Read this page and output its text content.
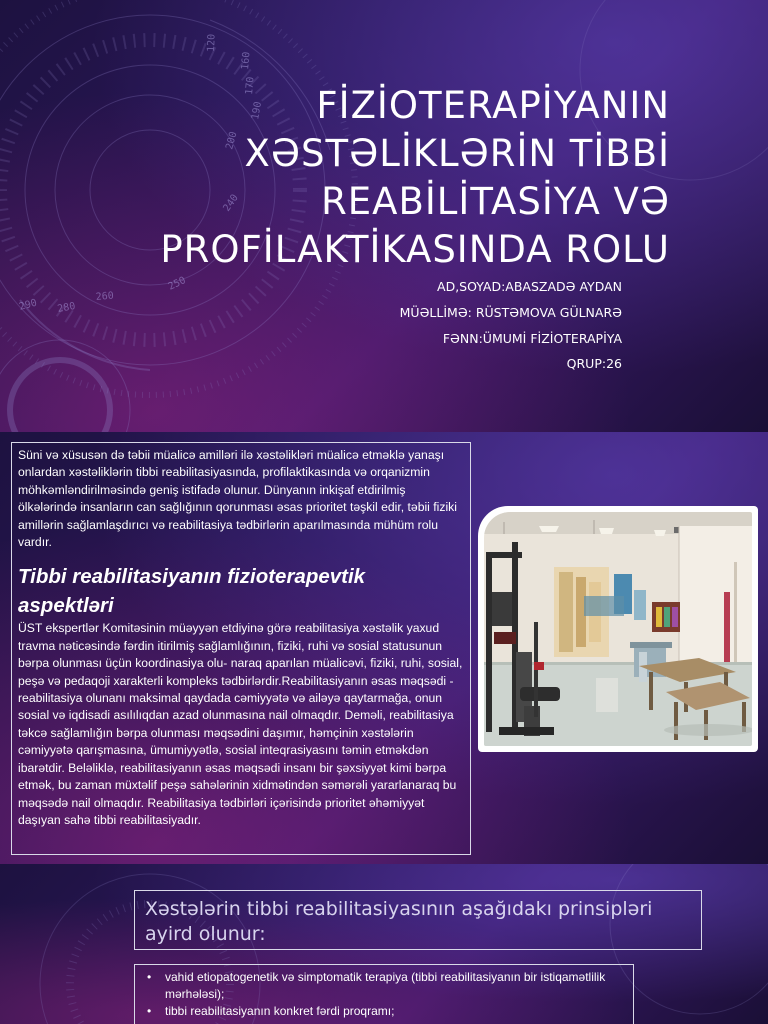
290 280
260
250
240
200
190
170
160
120
FİZİOTERAPİYANIN
XƏSTƏLİKLƏRİN TİBBİ
REABİLİTASİYA VƏ
PROFİLAKTİKASINDA ROLU
AD,SOYAD:ABASZADƏ AYDAN
MÜƏLLİMƏ: RÜSTƏMOVA GÜLNARƏ
FƏNN:ÜMUMİ FİZİOTERAPİYA
QRUP:26

Süni və xüsusən də təbii müalicə amilləri ilə xəstəlikləri müalicə etməklə yanaşı onlardan xəstəliklərin tibbi reabilitasiyasında, profilaktikasında və orqanizmin möhkəmləndirilməsində geniş istifadə olunur. Dünyanın inkişaf etdirilmiş ölkələrində insanların can sağlığının qorunması əsas prioritet təşkil edir, təbii fiziki amillərin sağlamlaşdırıcı və reabilitasiya tədbirlərin aparılmasında mühüm rolu vardır.

Tibbi reabilitasiyanın fizioterapevtik aspektləri

ÜST ekspertlər Komitəsinin müəyyən etdiyinə görə reabilitasiya xəstəlik yaxud travma nəticəsində fərdin itirilmiş sağlamlığının, fiziki, ruhi və sosial statusunun bərpa olunması üçün koordinasiya olu- naraq aparılan müalicəvi, fiziki, ruhi, sosial, peşə və pedaqoji xarakterli kompleks tədbirlərdir.Reabilitasiyanın əsas məqsədi - reabilitasiya olunanı maksimal qaydada cəmiyyətə və ailəyə qaytarmağa, onun sosial və iqdisadi asılılıqdan azad olunmasına nail olmaqdır. Deməli, reabilitasiya təkcə sağlamlığın bərpa olunması məqsədini daşımır, həmçinin xəstələrin cəmiyyətə qarışmasına, ümumiyyətlə, sosial inteqrasiyasını təmin etməkdən ibarətdir. Beləliklə, reabilitasiyanın əsas məqsədi insanı bir şəxsiyyət kimi bərpa etmək, bu zaman müxtəlif peşə sahələrinin xidmətindən səmərəli yararlanaraq bu məqsədə nail olmaqdır. Reabilitasiya tədbirləri içərisində prioritet əhəmiyyət daşıyan sahə tibbi reabilitasiyadır.

Xəstələrin tibbi reabilitasiyasının aşağıdakı prinsipləri ayird olunur:
• vahid etiopatogenetik və simptomatik terapiya (tibbi reabilitasiyanın bir istiqamətlilik mərhələsi);
• tibbi reabilitasiyanın konkret fərdi proqramı;
